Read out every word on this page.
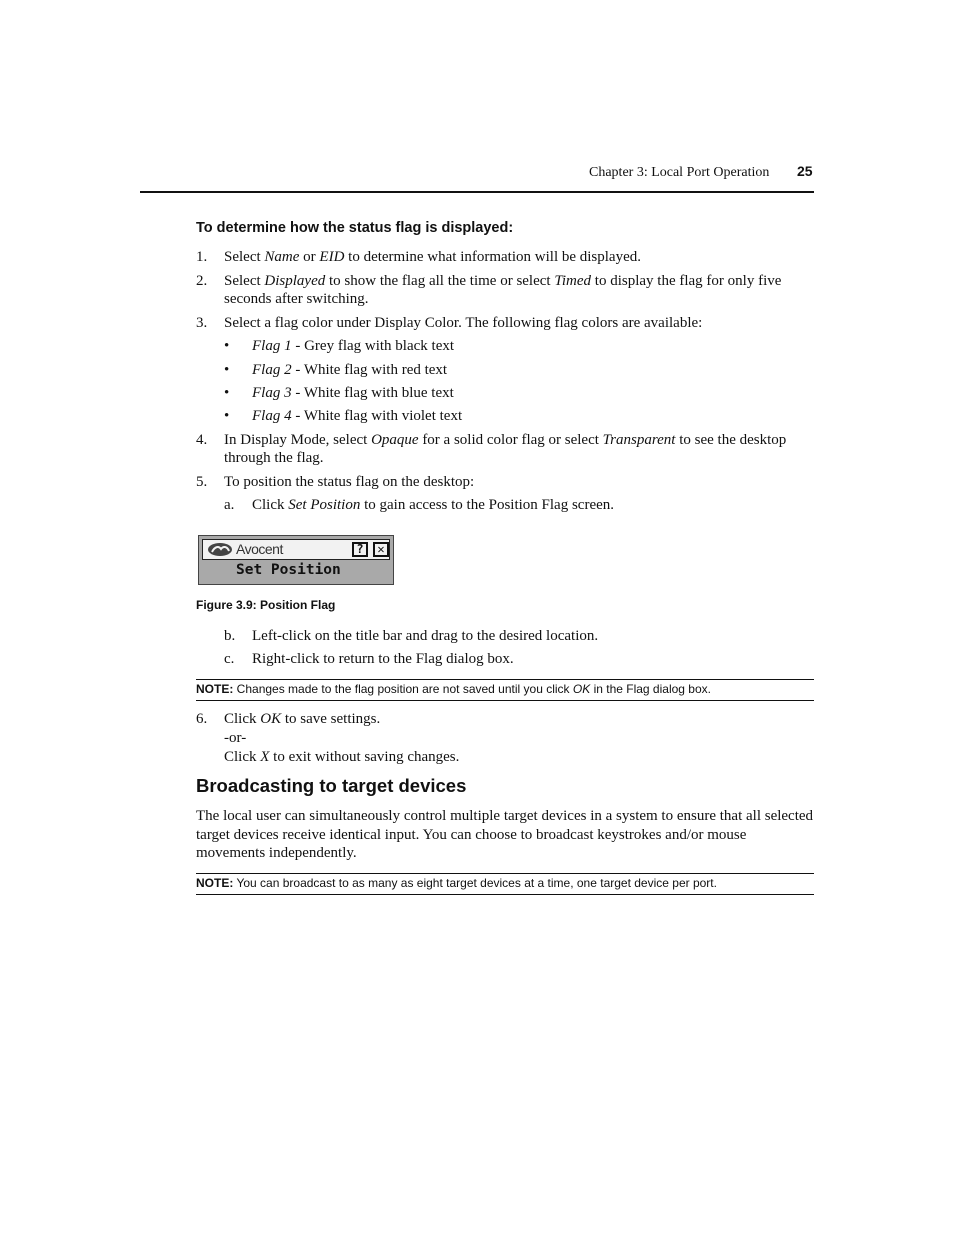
Chapter 3: Local Port Operation 25
To determine how the status flag is displayed:
1.	Select Name or EID to determine what information will be displayed.
2.	Select Displayed to show the flag all the time or select Timed to display the flag for only five
seconds after switching.
3.	Select a flag color under Display Color. The following flag colors are available:
• Flag 1 - Grey flag with black text
• Flag 2 - White flag with red text
• Flag 3 - White flag with blue text
• Flag 4 - White flag with violet text
4.	In Display Mode, select Opaque for a solid color flag or select Transparent to see the desktop
through the flag.
5.	To position the status flag on the desktop:
a.	Click Set Position to gain access to the Position Flag screen.
Avocent	?	✕
Set Position
Figure 3.9: Position Flag
b.	Left-click on the title bar and drag to the desired location.
c.	Right-click to return to the Flag dialog box.
NOTE: Changes made to the flag position are not saved until you click OK in the Flag dialog box.
6.	Click OK to save settings.
-or-
Click X to exit without saving changes.
Broadcasting to target devices
The local user can simultaneously control multiple target devices in a system to ensure that all selected target devices receive identical input. You can choose to broadcast keystrokes and/or mouse movements independently.
NOTE: You can broadcast to as many as eight target devices at a time, one target device per port.
